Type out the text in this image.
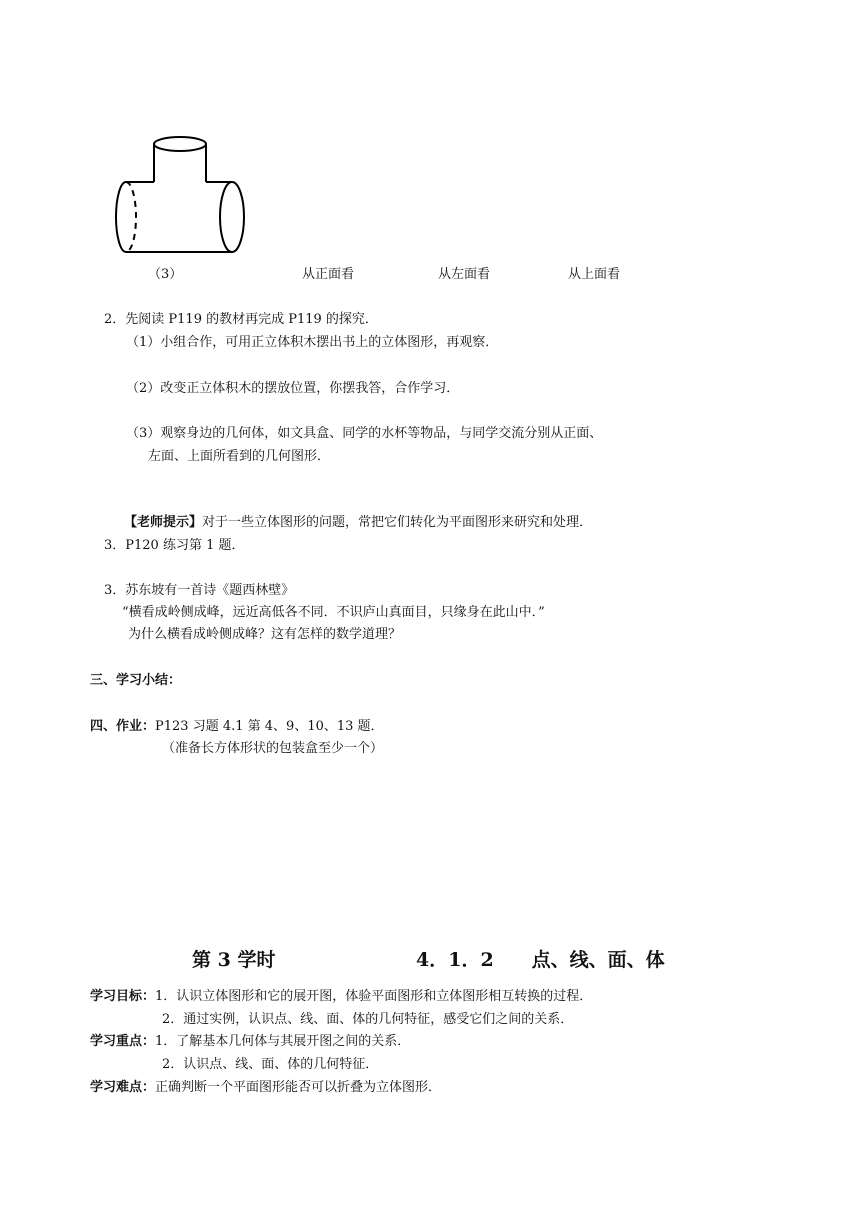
（3）	从正面看	从左面看	从上面看
2．先阅读 P119 的教材再完成 P119 的探究．
（1）小组合作，可用正立体积木摆出书上的立体图形，再观察．
（2）改变正立体积木的摆放位置，你摆我答，合作学习．
（3）观察身边的几何体，如文具盒、同学的水杯等物品，与同学交流分别从正面、
左面、上面所看到的几何图形．
【老师提示】对于一些立体图形的问题，常把它们转化为平面图形来研究和处理．
3．P120 练习第 1 题．
3．苏东坡有一首诗《题西林壁》
“横看成岭侧成峰，远近高低各不同．不识庐山真面目，只缘身在此山中．”
为什么横看成岭侧成峰？这有怎样的数学道理？
三、学习小结：
四、作业：P123 习题 4.1 第 4、9、10、13 题．
（准备长方体形状的包装盒至少一个）
第 3 学时	4．1．2　　点、线、面、体
学习目标：1．认识立体图形和它的展开图，体验平面图形和立体图形相互转换的过程．
2．通过实例，认识点、线、面、体的几何特征，感受它们之间的关系．
学习重点：1．了解基本几何体与其展开图之间的关系．
2．认识点、线、面、体的几何特征．
学习难点：正确判断一个平面图形能否可以折叠为立体图形．
